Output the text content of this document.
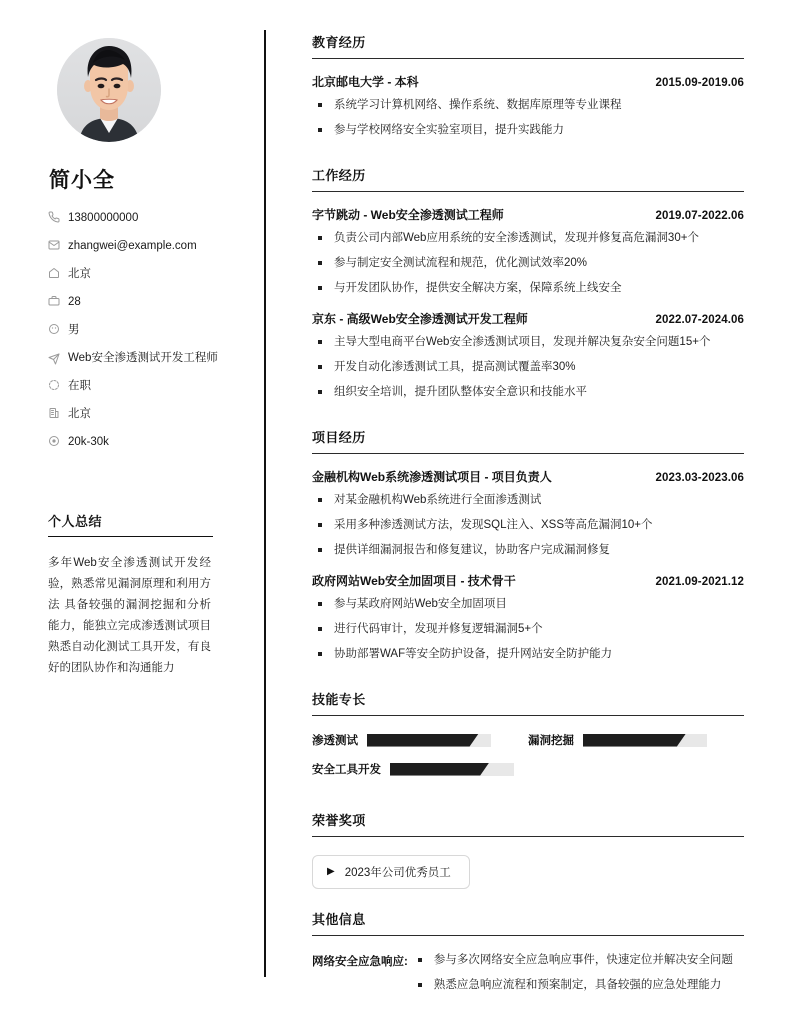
简小全
13800000000
zhangwei@example.com
北京
28
男
Web安全渗透测试开发工程师
在职
北京
20k-30k
个人总结
多年Web安全渗透测试开发经验，熟悉常见漏洞原理和利用方法 具备较强的漏洞挖掘和分析能力，能独立完成渗透测试项目 熟悉自动化测试工具开发，有良好的团队协作和沟通能力
教育经历
北京邮电大学 - 本科	2015.09-2019.06
系统学习计算机网络、操作系统、数据库原理等专业课程
参与学校网络安全实验室项目，提升实践能力
工作经历
字节跳动 - Web安全渗透测试工程师	2019.07-2022.06
负责公司内部Web应用系统的安全渗透测试，发现并修复高危漏洞30+个
参与制定安全测试流程和规范，优化测试效率20%
与开发团队协作，提供安全解决方案，保障系统上线安全
京东 - 高级Web安全渗透测试开发工程师	2022.07-2024.06
主导大型电商平台Web安全渗透测试项目，发现并解决复杂安全问题15+个
开发自动化渗透测试工具，提高测试覆盖率30%
组织安全培训，提升团队整体安全意识和技能水平
项目经历
金融机构Web系统渗透测试项目 - 项目负责人	2023.03-2023.06
对某金融机构Web系统进行全面渗透测试
采用多种渗透测试方法，发现SQL注入、XSS等高危漏洞10+个
提供详细漏洞报告和修复建议，协助客户完成漏洞修复
政府网站Web安全加固项目 - 技术骨干	2021.09-2021.12
参与某政府网站Web安全加固项目
进行代码审计，发现并修复逻辑漏洞5+个
协助部署WAF等安全防护设备，提升网站安全防护能力
技能专长
渗透测试	漏洞挖掘
安全工具开发
荣誉奖项
▶ 2023年公司优秀员工
其他信息
网络安全应急响应:	参与多次网络安全应急响应事件，快速定位并解决安全问题
熟悉应急响应流程和预案制定，具备较强的应急处理能力
